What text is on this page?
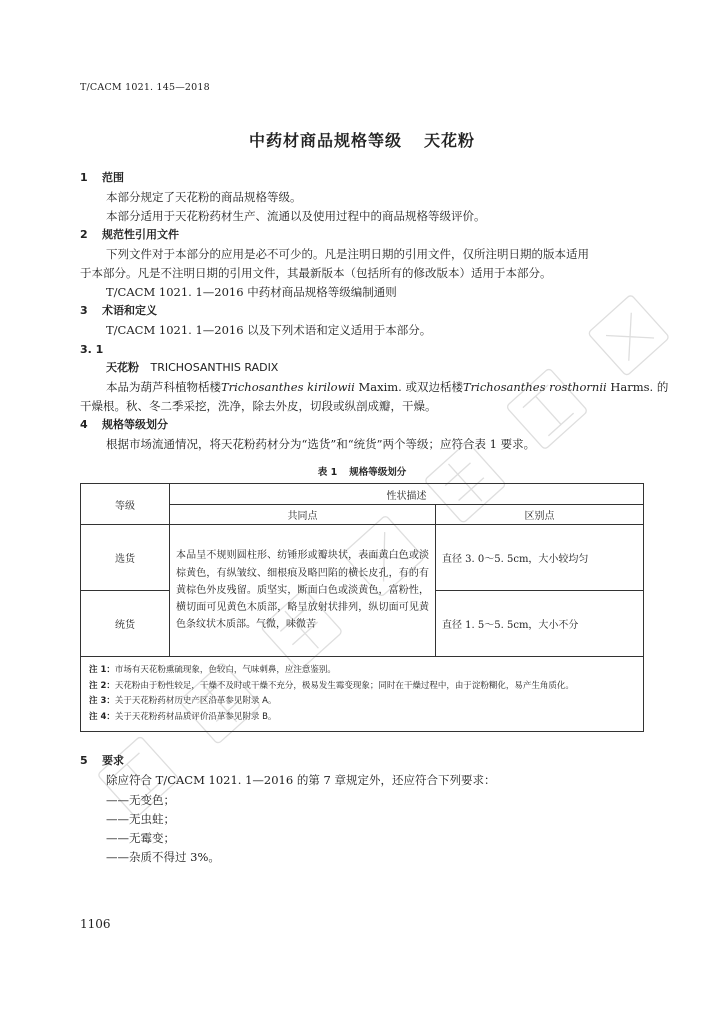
T/CACM 1021. 145—2018
中药材商品规格等级 天花粉
1 范围
本部分规定了天花粉的商品规格等级。
本部分适用于天花粉药材生产、流通以及使用过程中的商品规格等级评价。
2 规范性引用文件
下列文件对于本部分的应用是必不可少的。凡是注明日期的引用文件，仅所注明日期的版本适用
于本部分。凡是不注明日期的引用文件，其最新版本（包括所有的修改版本）适用于本部分。
T/CACM 1021. 1—2016 中药材商品规格等级编制通则
3 术语和定义
T/CACM 1021. 1—2016 以及下列术语和定义适用于本部分。
3. 1
天花粉 TRICHOSANTHIS RADIX
本品为葫芦科植物栝楼Trichosanthes kirilowii Maxim. 或双边栝楼Trichosanthes rosthornii Harms. 的
干燥根。秋、冬二季采挖，洗净，除去外皮，切段或纵剖成瓣，干燥。
4 规格等级划分
根据市场流通情况，将天花粉药材分为“选货”和“统货”两个等级；应符合表 1 要求。
表 1 规格等级划分
等级	性状描述	
	共同点	区别点
选货	本品呈不规则圆柱形、纺锤形或瓣块状，表面黄白色或淡棕黄色，有纵皱纹、细根痕及略凹陷的横长皮孔，有的有黄棕色外皮残留。质坚实，断面白色或淡黄色，富粉性，横切面可见黄色木质部，略呈放射状排列，纵切面可见黄色条纹状木质部。气微，味微苦	直径 3. 0～5. 5cm，大小较均匀
统货		直径 1. 5～5. 5cm，大小不分

注 1：市场有天花粉熏硫现象，色较白，气味刺鼻，应注意鉴别。
注 2：天花粉由于粉性较足，干燥不及时或干燥不充分，极易发生霉变现象；同时在干燥过程中，由于淀粉糊化，易产生角质化。
注 3：关于天花粉药材历史产区沿革参见附录 A。
注 4：关于天花粉药材品质评价沿革参见附录 B。		
5 要求
除应符合 T/CACM 1021. 1—2016 的第 7 章规定外，还应符合下列要求：
——无变色；
——无虫蛀；
——无霉变；
——杂质不得过 3%。
1106
